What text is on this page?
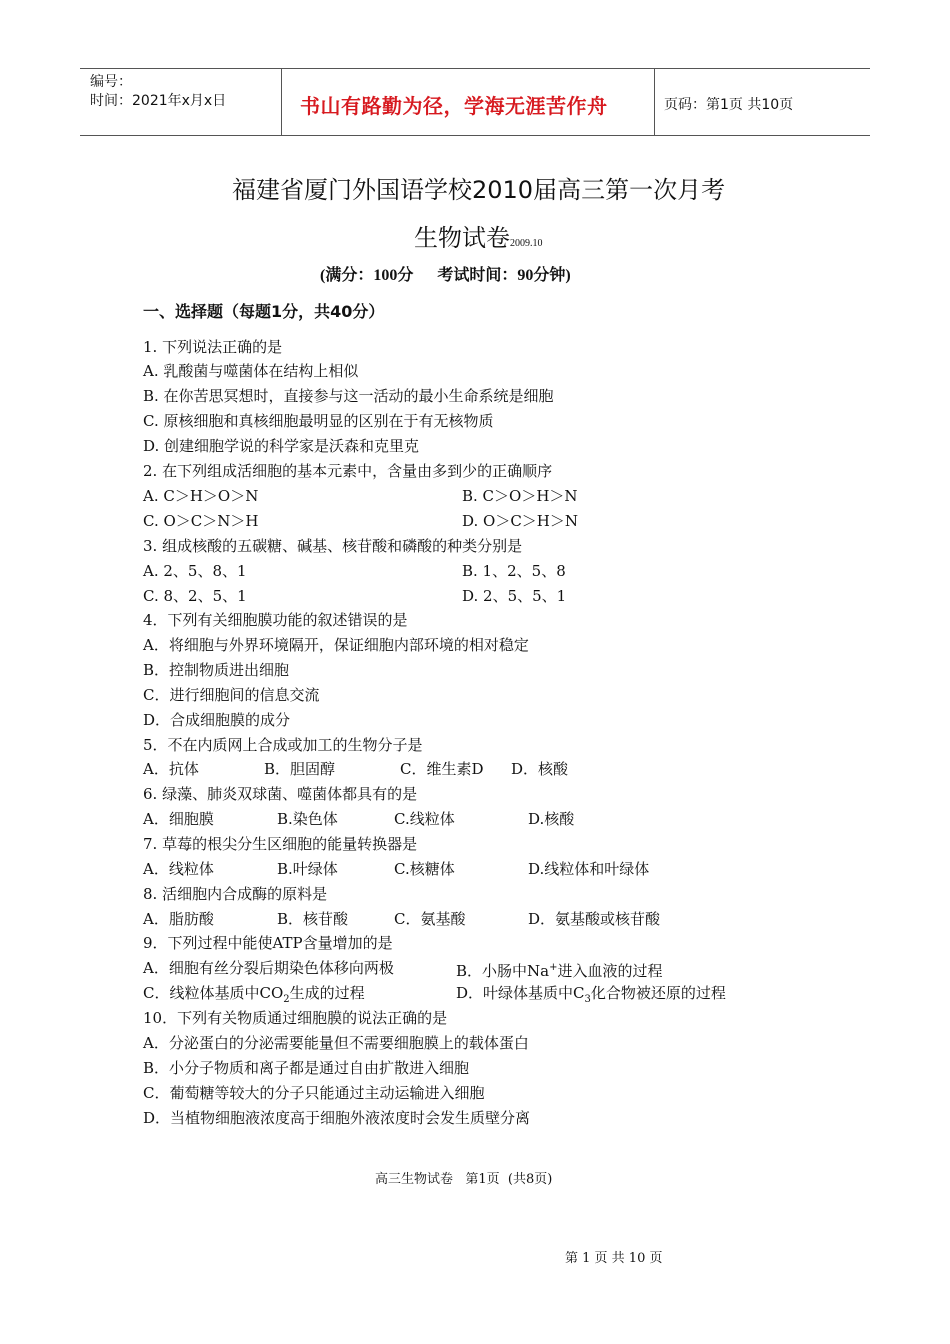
编号：
时间：2021年x月x日	书山有路勤为径，学海无涯苦作舟	页码：第1页 共10页
福建省厦门外国语学校2010届高三第一次月考
生物试卷2009.10
(满分：100分      考试时间：90分钟)
一、选择题（每题1分，共40分）
1. 下列说法正确的是
A. 乳酸菌与噬菌体在结构上相似
B. 在你苦思冥想时，直接参与这一活动的最小生命系统是细胞
C. 原核细胞和真核细胞最明显的区别在于有无核物质
D. 创建细胞学说的科学家是沃森和克里克
2. 在下列组成活细胞的基本元素中，含量由多到少的正确顺序
A. C＞H＞O＞N	B. C＞O＞H＞N
C. O＞C＞N＞H	D. O＞C＞H＞N
3. 组成核酸的五碳糖、碱基、核苷酸和磷酸的种类分别是
A. 2、5、8、1	B. 1、2、5、8
C. 8、2、5、1	D. 2、5、5、1
4．下列有关细胞膜功能的叙述错误的是
A．将细胞与外界环境隔开，保证细胞内部环境的相对稳定
B．控制物质进出细胞
C．进行细胞间的信息交流
D．合成细胞膜的成分
5．不在内质网上合成或加工的生物分子是
A．抗体	B．胆固醇	C．维生素D D．核酸
6. 绿藻、肺炎双球菌、噬菌体都具有的是
A．细胞膜	B.染色体	C.线粒体	D.核酸
7. 草莓的根尖分生区细胞的能量转换器是
A．线粒体	B.叶绿体	C.核糖体	D.线粒体和叶绿体
8. 活细胞内合成酶的原料是
A．脂肪酸	B．核苷酸	C．氨基酸	D．氨基酸或核苷酸
9．下列过程中能使ATP含量增加的是
A．细胞有丝分裂后期染色体移向两极	B．小肠中Na+进入血液的过程
C．线粒体基质中$CO_2$生成的过程	D．叶绿体基质中$C_3$化合物被还原的过程
10．下列有关物质通过细胞膜的说法正确的是
A．分泌蛋白的分泌需要能量但不需要细胞膜上的载体蛋白
B．小分子物质和离子都是通过自由扩散进入细胞
C．葡萄糖等较大的分子只能通过主动运输进入细胞
D．当植物细胞液浓度高于细胞外液浓度时会发生质壁分离
高三生物试卷   第1页  (共8页)
第 1 页 共 10 页
